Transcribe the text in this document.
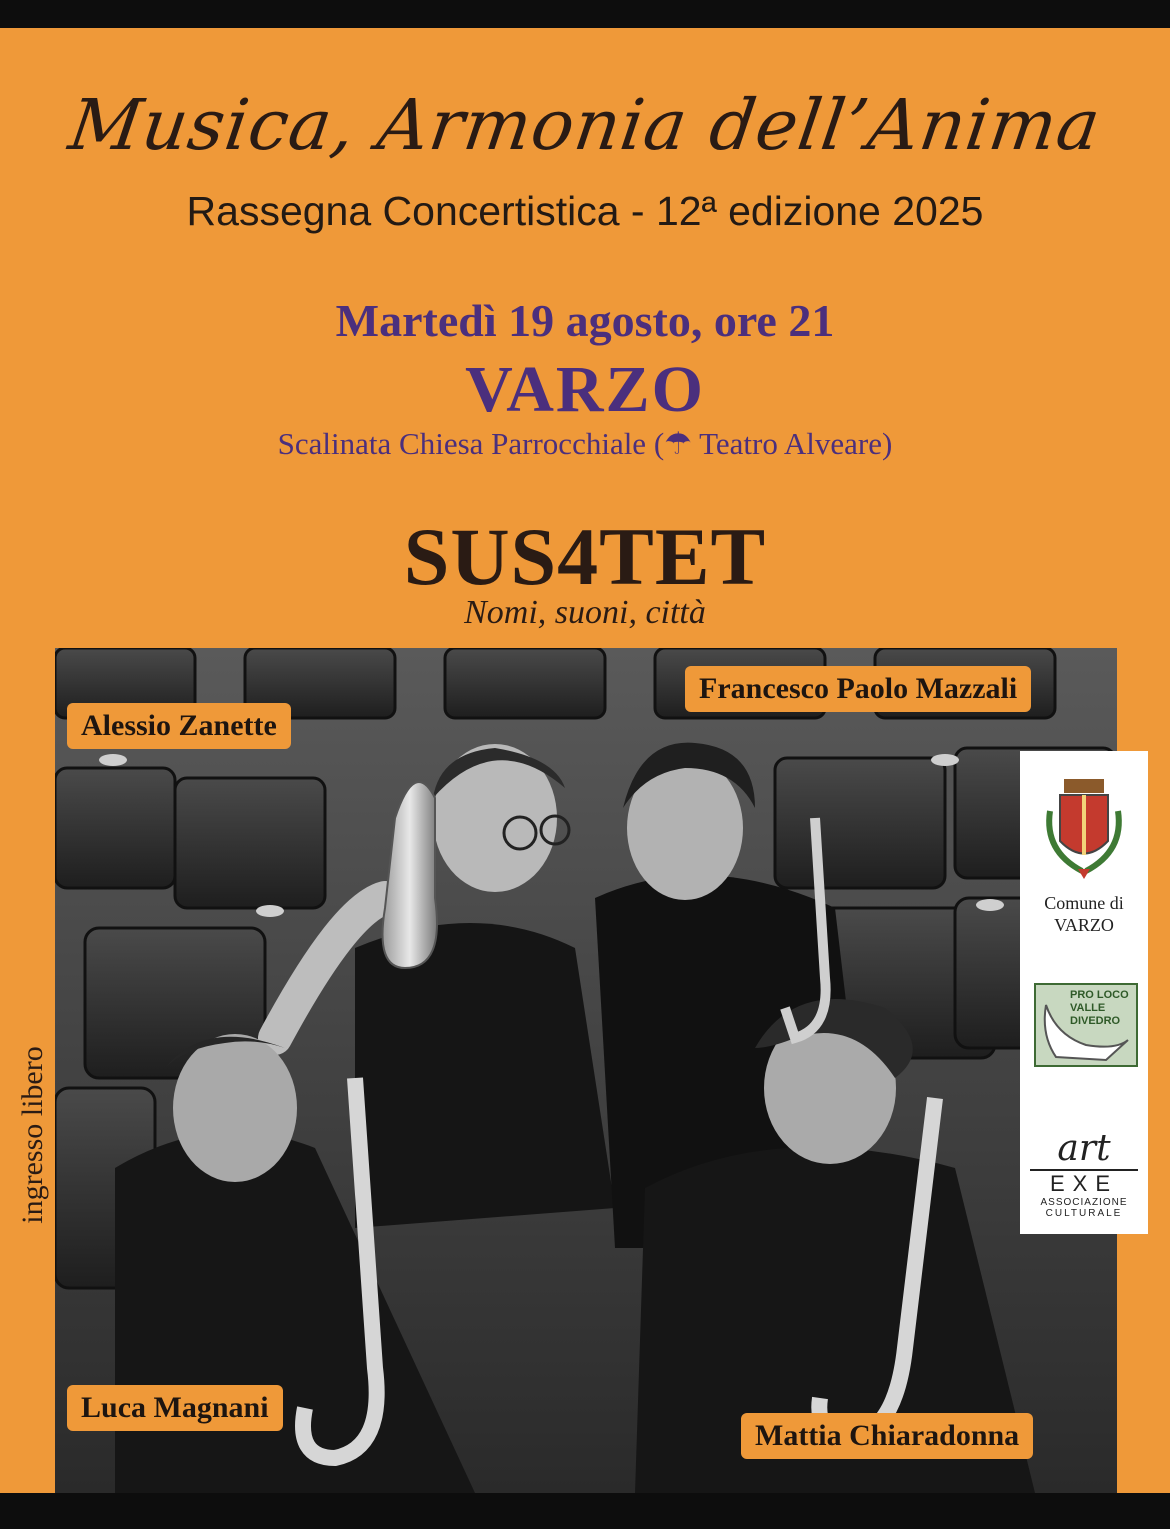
Musica, Armonia dell’Anima
Rassegna Concertistica - 12ª edizione 2025
Martedì 19 agosto, ore 21
VARZO
Scalinata Chiesa Parrocchiale (☂ Teatro Alveare)
SUS4TET
Nomi, suoni, città
Alessio Zanette
Francesco Paolo Mazzali
Luca Magnani
Mattia Chiaradonna
ingresso libero
Comune di
VARZO
PRO LOCO VALLE DIVEDRO
art
EXE
ASSOCIAZIONE
CULTURALE
